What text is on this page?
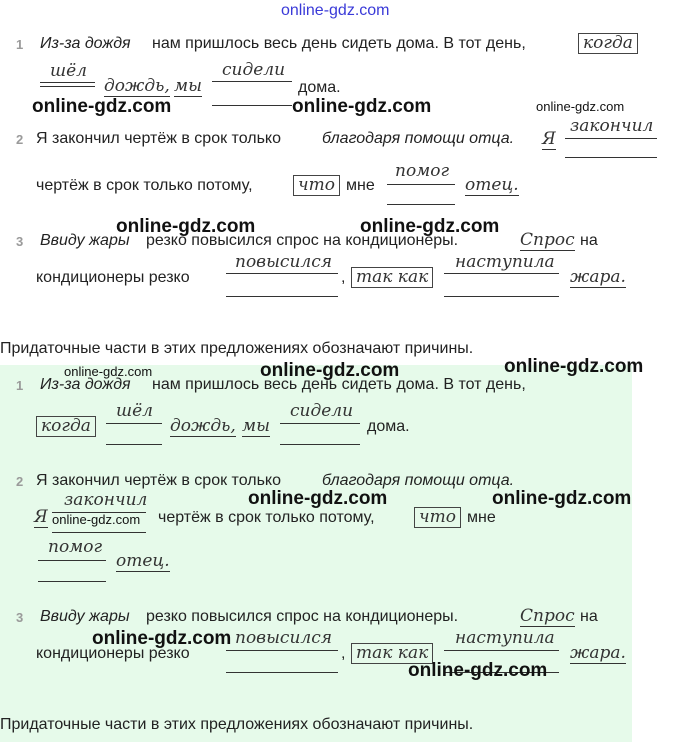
online-gdz.com
1 Из-за дождя нам пришлось весь день сидеть дома. В тот день,	когда
шёл
дождь, мы
сидели
дома.
2 Я закончил чертёж в срок только	благодаря помощи отца. Я
закончил
чертёж в срок только потому,	что мне
помог
отец.
3 Ввиду жары резко повысился спрос на кондиционеры.	Спрос на
кондиционеры резко
повысился
, так как
наступила
жара.
Придаточные части в этих предложениях обозначают причины.
online-gdz.com	online-gdz.com	online-gdz.com
online-gdz.com	online-gdz.com
1 Из-за дождя нам пришлось весь день сидеть дома. В тот день,
когда
шёл
дождь, мы
сидели
дома.
2 Я закончил чертёж в срок только	благодаря помощи отца.
Я
закончил
чертёж в срок только потому,	что мне
помог
отец.
3 Ввиду жары резко повысился спрос на кондиционеры.	Спрос на
кондиционеры резко
повысился
, так как
наступила
жара.
Придаточные части в этих предложениях обозначают причины.
online-gdz.com	online-gdz.com	online-gdz.com
online-gdz.com	online-gdz.com
online-gdz.com
online-gdz.com
online-gdz.com
